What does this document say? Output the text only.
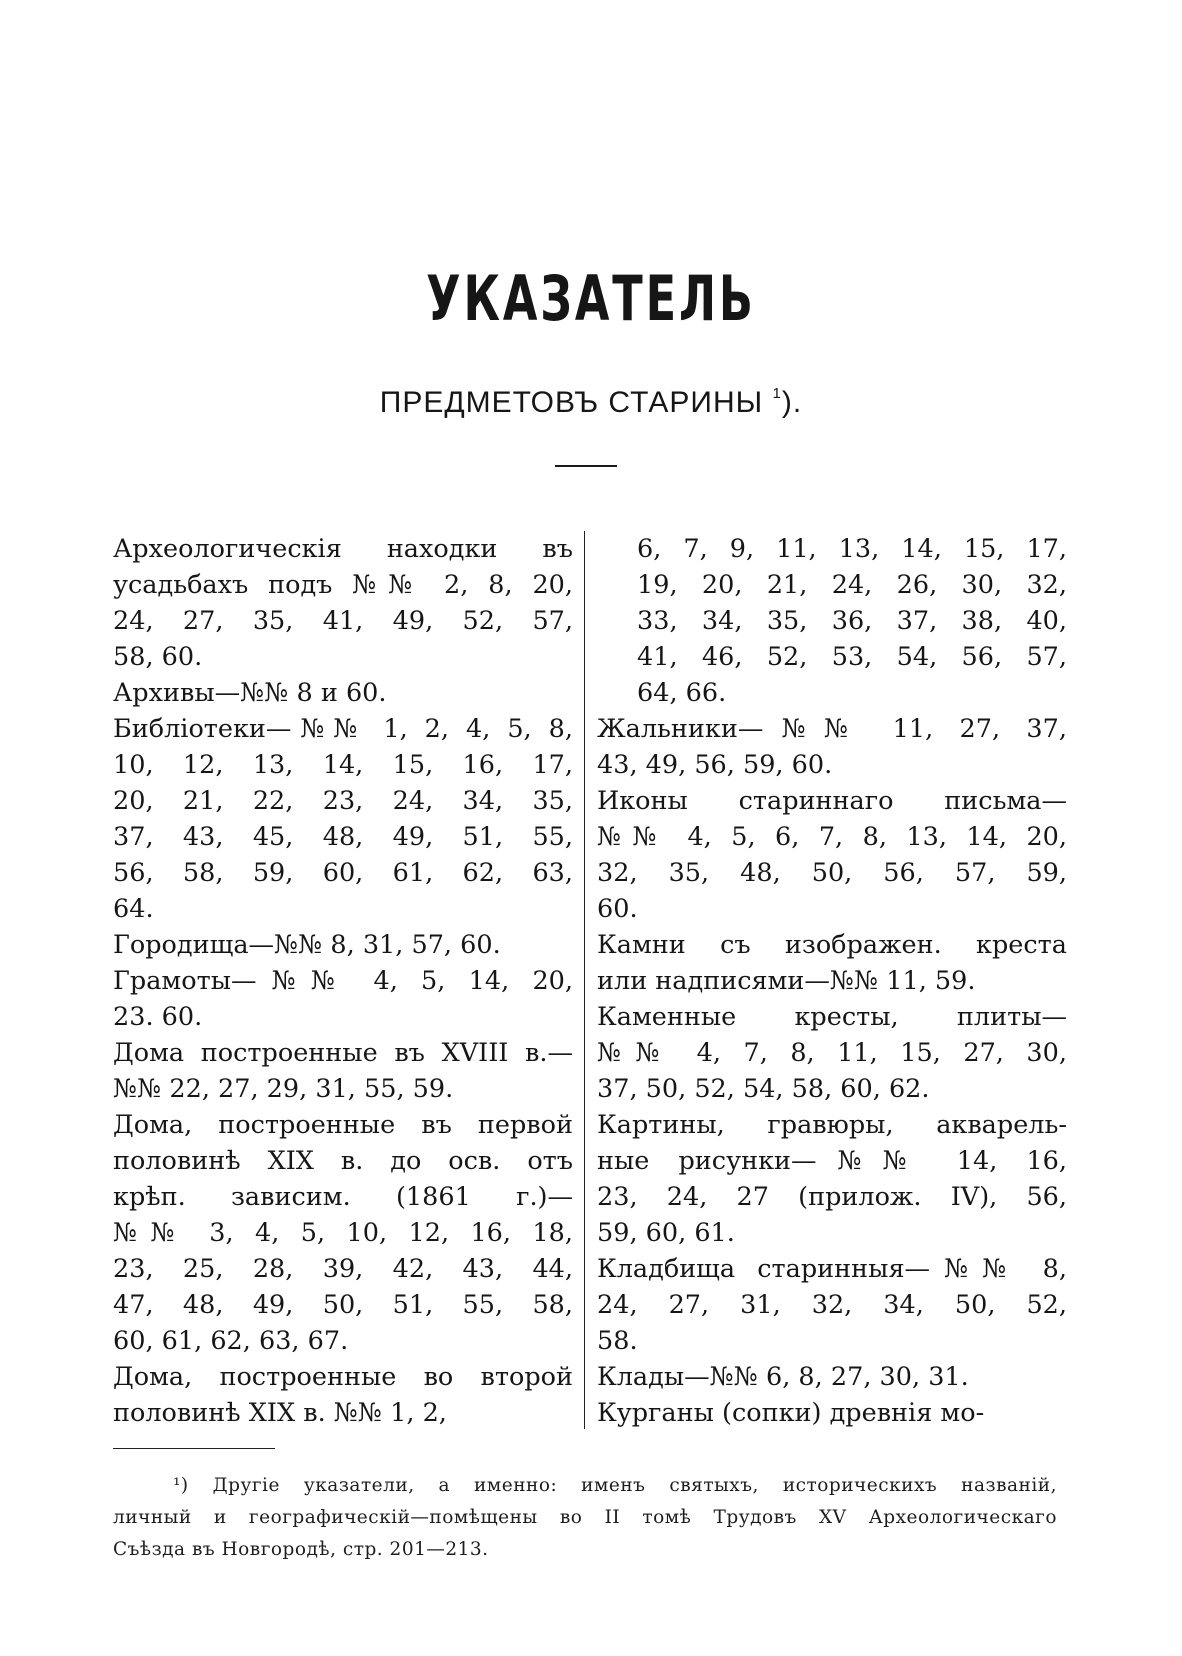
УКАЗАТЕЛЬ
ПРЕДМЕТОВЪ СТАРИНЫ $^1$).
Археологическія находки въ
усадьбахъ подъ №№ 2, 8, 20,
24, 27, 35, 41, 49, 52, 57,
58, 60.
Архивы—№№ 8 и 60.
Библіотеки—№№ 1, 2, 4, 5, 8,
10, 12, 13, 14, 15, 16, 17,
20, 21, 22, 23, 24, 34, 35,
37, 43, 45, 48, 49, 51, 55,
56, 58, 59, 60, 61, 62, 63,
64.
Городища—№№ 8, 31, 57, 60.
Грамоты—№№ 4, 5, 14, 20,
23. 60.
Дома построенные въ XVIII в.—
№№ 22, 27, 29, 31, 55, 59.
Дома, построенные въ первой
половинѣ XIX в. до осв. отъ
крѣп. зависим. (1861 г.)—
№№ 3, 4, 5, 10, 12, 16, 18,
23, 25, 28, 39, 42, 43, 44,
47, 48, 49, 50, 51, 55, 58,
60, 61, 62, 63, 67.
Дома, построенные во второй
половинѣ XIX в. №№ 1, 2,
6, 7, 9, 11, 13, 14, 15, 17,
19, 20, 21, 24, 26, 30, 32,
33, 34, 35, 36, 37, 38, 40,
41, 46, 52, 53, 54, 56, 57,
64, 66.
Жальники—№№ 11, 27, 37,
43, 49, 56, 59, 60.
Иконы стариннаго письма—
№№ 4, 5, 6, 7, 8, 13, 14, 20,
32, 35, 48, 50, 56, 57, 59,
60.
Камни съ изображен. креста
или надписями—№№ 11, 59.
Каменные кресты, плиты—
№№ 4, 7, 8, 11, 15, 27, 30,
37, 50, 52, 54, 58, 60, 62.
Картины, гравюры, акварель-
ные рисунки—№№ 14, 16,
23, 24, 27 (прилож. IV), 56,
59, 60, 61.
Кладбища старинныя—№№ 8,
24, 27, 31, 32, 34, 50, 52,
58.
Клады—№№ 6, 8, 27, 30, 31.
Курганы (сопки) древнія мо-
¹) Другіе указатели, а именно: именъ святыхъ, историческихъ названій,
личный и географическій—помѣщены во II томѣ Трудовъ XV Археологическаго
Съѣзда въ Новгородѣ, стр. 201—213.
